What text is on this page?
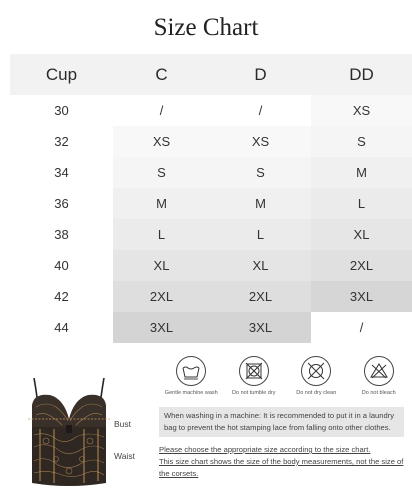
Size Chart
Cup	C	D	DD
30	/	/	XS
32	XS	XS	S
34	S	S	M
36	M	M	L
38	L	L	XL
40	XL	XL	2XL
42	2XL	2XL	3XL
44	3XL	3XL	/
Bust
Waist
Gentle machine wash	Do not tumble dry	Do not dry clean	Do not bleach
When washing in a machine: It is recommended to put it in a laundry bag to prevent the hot stamping lace from falling onto other clothes.

Please choose the appropriate size according to the size chart.

This size chart shows the size of the body measurements, not the size of the corsets.
